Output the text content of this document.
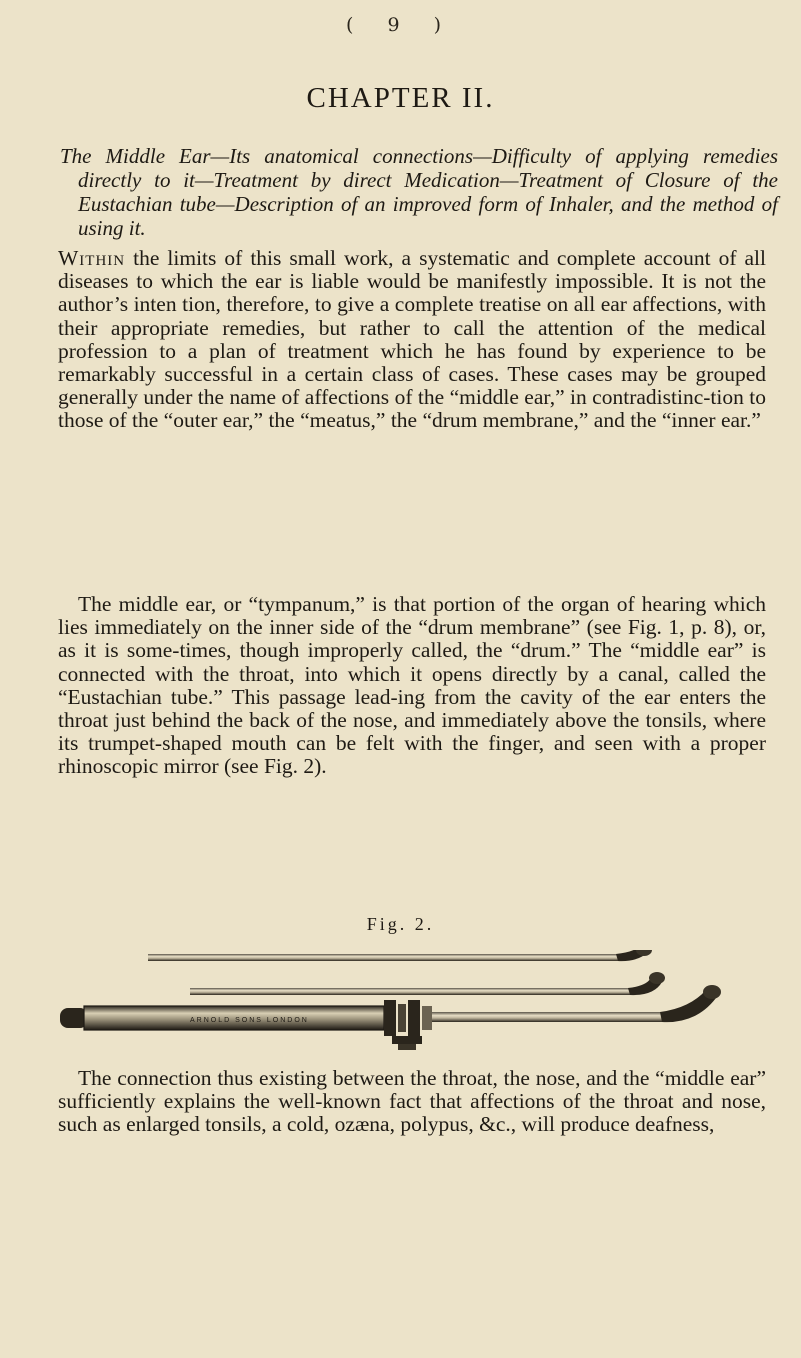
( 9 )
CHAPTER II.
The Middle Ear—Its anatomical connections—Difficulty of applying remedies directly to it—Treatment by direct Medication—Treatment of Closure of the Eustachian tube—Description of an improved form of Inhaler, and the method of using it.

Within the limits of this small work, a systematic and complete account of all diseases to which the ear is liable would be manifestly impossible. It is not the author’s inten tion, therefore, to give a complete treatise on all ear affections, with their appropriate remedies, but rather to call the attention of the medical profession to a plan of treatment which he has found by experience to be remarkably successful in a certain class of cases. These cases may be grouped generally under the name of affections of the “middle ear,” in contradistinc-tion to those of the “outer ear,” the “meatus,” the “drum membrane,” and the “inner ear.”

The middle ear, or “tympanum,” is that portion of the organ of hearing which lies immediately on the inner side of the “drum membrane” (see Fig. 1, p. 8), or, as it is some-times, though improperly called, the “drum.” The “middle ear” is connected with the throat, into which it opens directly by a canal, called the “Eustachian tube.” This passage lead-ing from the cavity of the ear enters the throat just behind the back of the nose, and immediately above the tonsils, where its trumpet-shaped mouth can be felt with the finger, and seen with a proper rhinoscopic mirror (see Fig. 2).

Fig. 2.
ARNOLD SONS LONDON

The connection thus existing between the throat, the nose, and the “middle ear” sufficiently explains the well-known fact that affections of the throat and nose, such as enlarged tonsils, a cold, ozæna, polypus, &c., will produce deafness,
